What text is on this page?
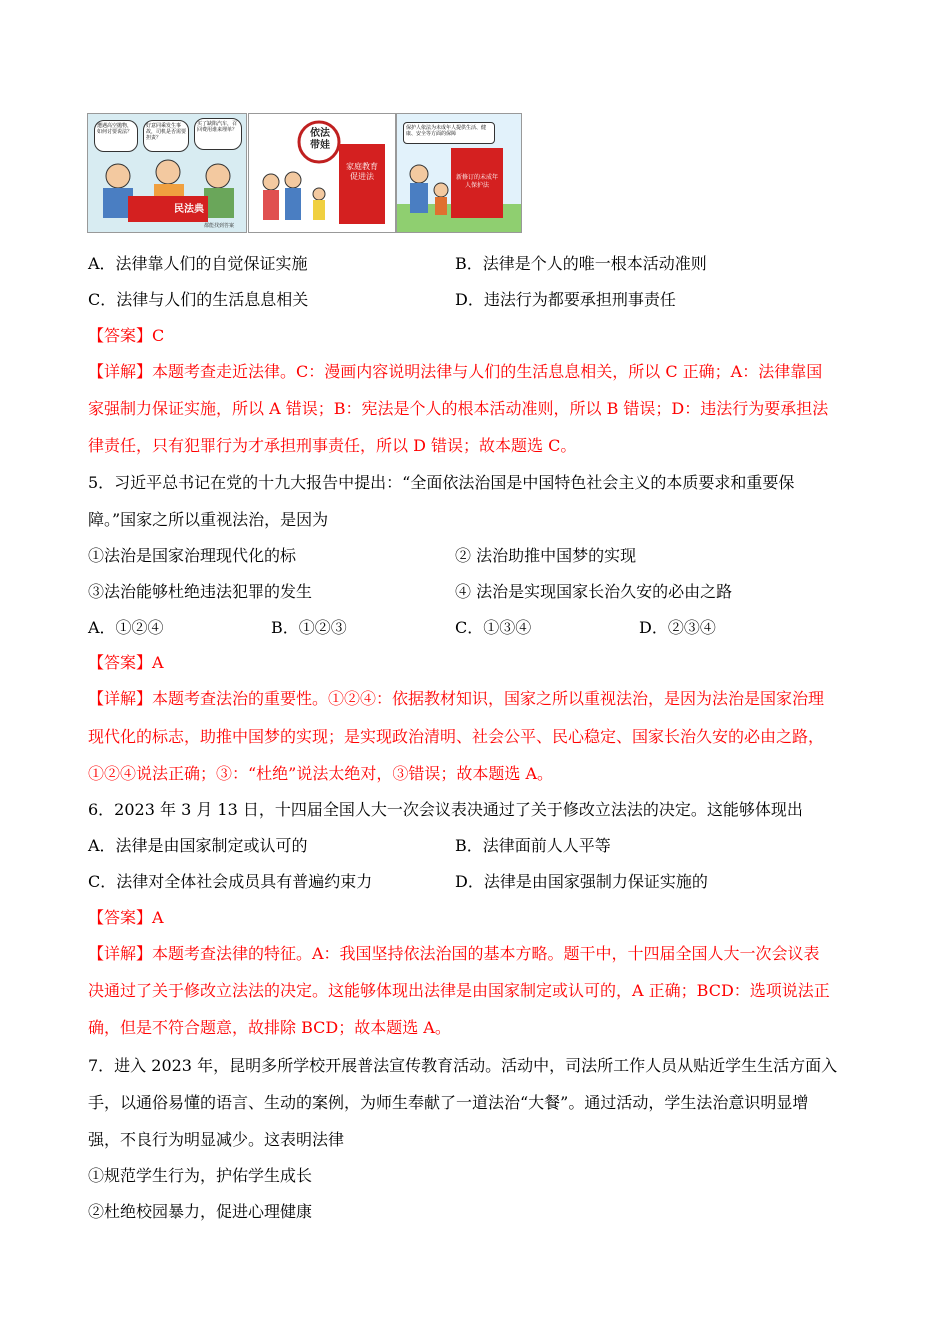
遭遇高空抛物，如何讨要说法？
好意同乘发生事故，司机是否需要担责？
买了缺陷汽车，召回费用谁来埋单？
民法典
都能找到答案
依法带娃
家庭教育促进法
保护人依法为未成年人提供生活、健康、安全等方面的保障
新修订的未成年人保护法
A．法律靠人们的自觉保证实施	B．法律是个人的唯一根本活动准则
C．法律与人们的生活息息相关	D．违法行为都要承担刑事责任
【答案】C
【详解】本题考查走近法律。C：漫画内容说明法律与人们的生活息息相关，所以 C 正确；A：法律靠国
家强制力保证实施，所以 A 错误；B：宪法是个人的根本活动准则，所以 B 错误；D：违法行为要承担法
律责任，只有犯罪行为才承担刑事责任，所以 D 错误；故本题选 C。
5．习近平总书记在党的十九大报告中提出：“全面依法治国是中国特色社会主义的本质要求和重要保
障。”国家之所以重视法治，是因为
①法治是国家治理现代化的标	② 法治助推中国梦的实现
③法治能够杜绝违法犯罪的发生	④ 法治是实现国家长治久安的必由之路
A．①②④	B．①②③	C．①③④	D．②③④
【答案】A
【详解】本题考查法治的重要性。①②④：依据教材知识，国家之所以重视法治，是因为法治是国家治理
现代化的标志，助推中国梦的实现；是实现政治清明、社会公平、民心稳定、国家长治久安的必由之路，
①②④说法正确；③：“杜绝”说法太绝对，③错误；故本题选 A。
6．2023 年 3 月 13 日，十四届全国人大一次会议表决通过了关于修改立法法的决定。这能够体现出
A．法律是由国家制定或认可的	B．法律面前人人平等
C．法律对全体社会成员具有普遍约束力	D．法律是由国家强制力保证实施的
【答案】A
【详解】本题考查法律的特征。A：我国坚持依法治国的基本方略。题干中，十四届全国人大一次会议表
决通过了关于修改立法法的决定。这能够体现出法律是由国家制定或认可的，A 正确；BCD：选项说法正
确，但是不符合题意，故排除 BCD；故本题选 A。
7．进入 2023 年，昆明多所学校开展普法宣传教育活动。活动中，司法所工作人员从贴近学生生活方面入
手，以通俗易懂的语言、生动的案例，为师生奉献了一道法治“大餐”。通过活动，学生法治意识明显增
强，不良行为明显减少。这表明法律
①规范学生行为，护佑学生成长
②杜绝校园暴力，促进心理健康
